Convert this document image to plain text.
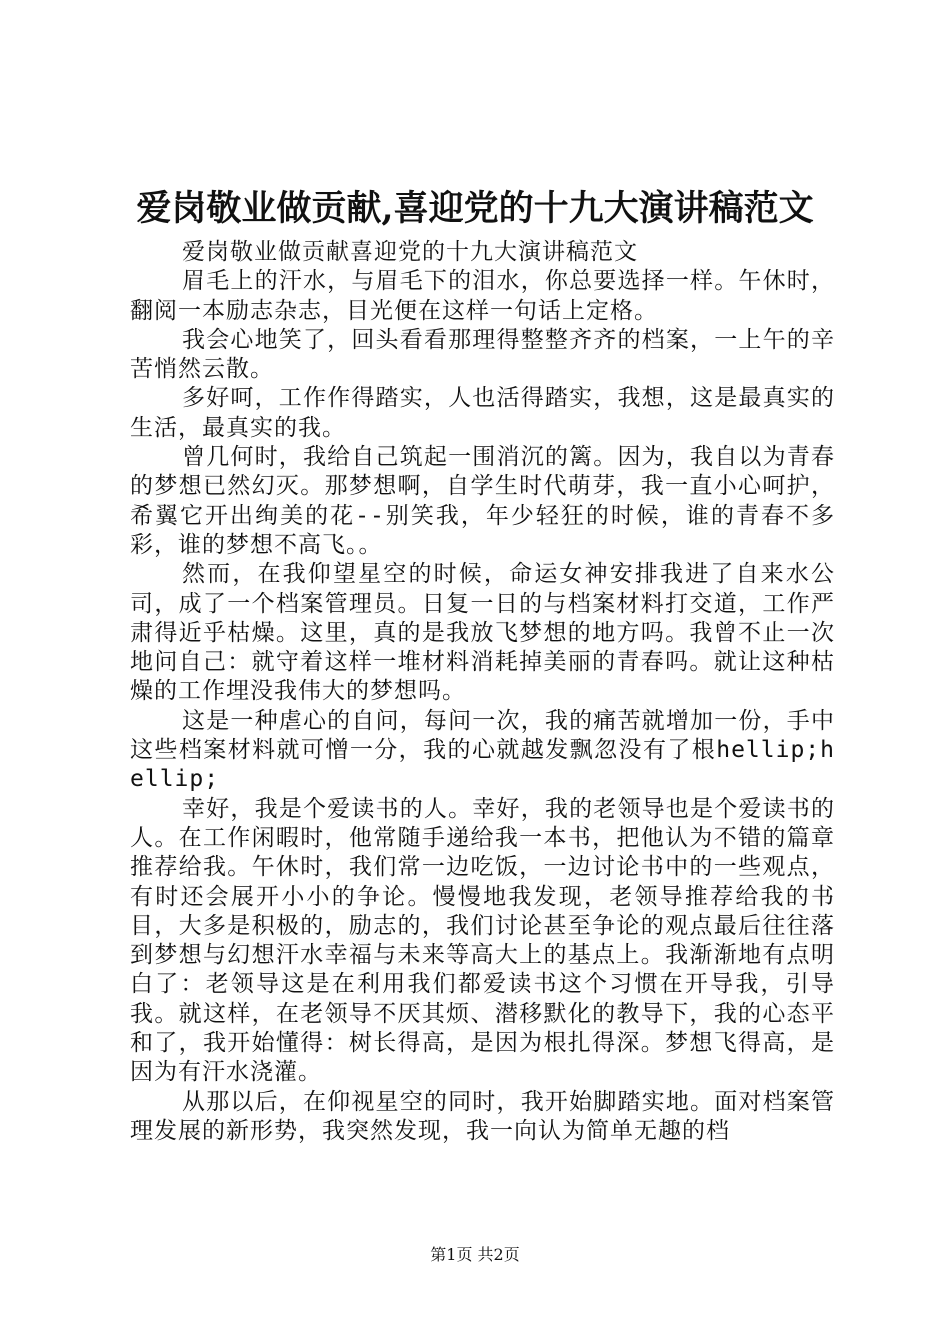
爱岗敬业做贡献,喜迎党的十九大演讲稿范文

爱岗敬业做贡献喜迎党的十九大演讲稿范文

眉毛上的汗水，与眉毛下的泪水，你总要选择一样。午休时，翻阅一本励志杂志，目光便在这样一句话上定格。

我会心地笑了，回头看看那理得整整齐齐的档案，一上午的辛苦悄然云散。

多好呵，工作作得踏实，人也活得踏实，我想，这是最真实的生活，最真实的我。

曾几何时，我给自己筑起一围消沉的篱。因为，我自以为青春的梦想已然幻灭。那梦想啊，自学生时代萌芽，我一直小心呵护，希翼它开出绚美的花--别笑我，年少轻狂的时候，谁的青春不多彩，谁的梦想不高飞。。

然而，在我仰望星空的时候，命运女神安排我进了自来水公司，成了一个档案管理员。日复一日的与档案材料打交道，工作严肃得近乎枯燥。这里，真的是我放飞梦想的地方吗。我曾不止一次地问自己：就守着这样一堆材料消耗掉美丽的青春吗。就让这种枯燥的工作埋没我伟大的梦想吗。

这是一种虐心的自问，每问一次，我的痛苦就增加一份，手中这些档案材料就可憎一分，我的心就越发飘忽没有了根hellip;hellip;

幸好，我是个爱读书的人。幸好，我的老领导也是个爱读书的人。在工作闲暇时，他常随手递给我一本书，把他认为不错的篇章推荐给我。午休时，我们常一边吃饭，一边讨论书中的一些观点，有时还会展开小小的争论。慢慢地我发现，老领导推荐给我的书目，大多是积极的，励志的，我们讨论甚至争论的观点最后往往落到梦想与幻想汗水幸福与未来等高大上的基点上。我渐渐地有点明白了：老领导这是在利用我们都爱读书这个习惯在开导我，引导我。就这样，在老领导不厌其烦、潜移默化的教导下，我的心态平和了，我开始懂得：树长得高，是因为根扎得深。梦想飞得高，是因为有汗水浇灌。

从那以后，在仰视星空的同时，我开始脚踏实地。面对档案管理发展的新形势，我突然发现，我一向认为简单无趣的档

第1页 共2页
